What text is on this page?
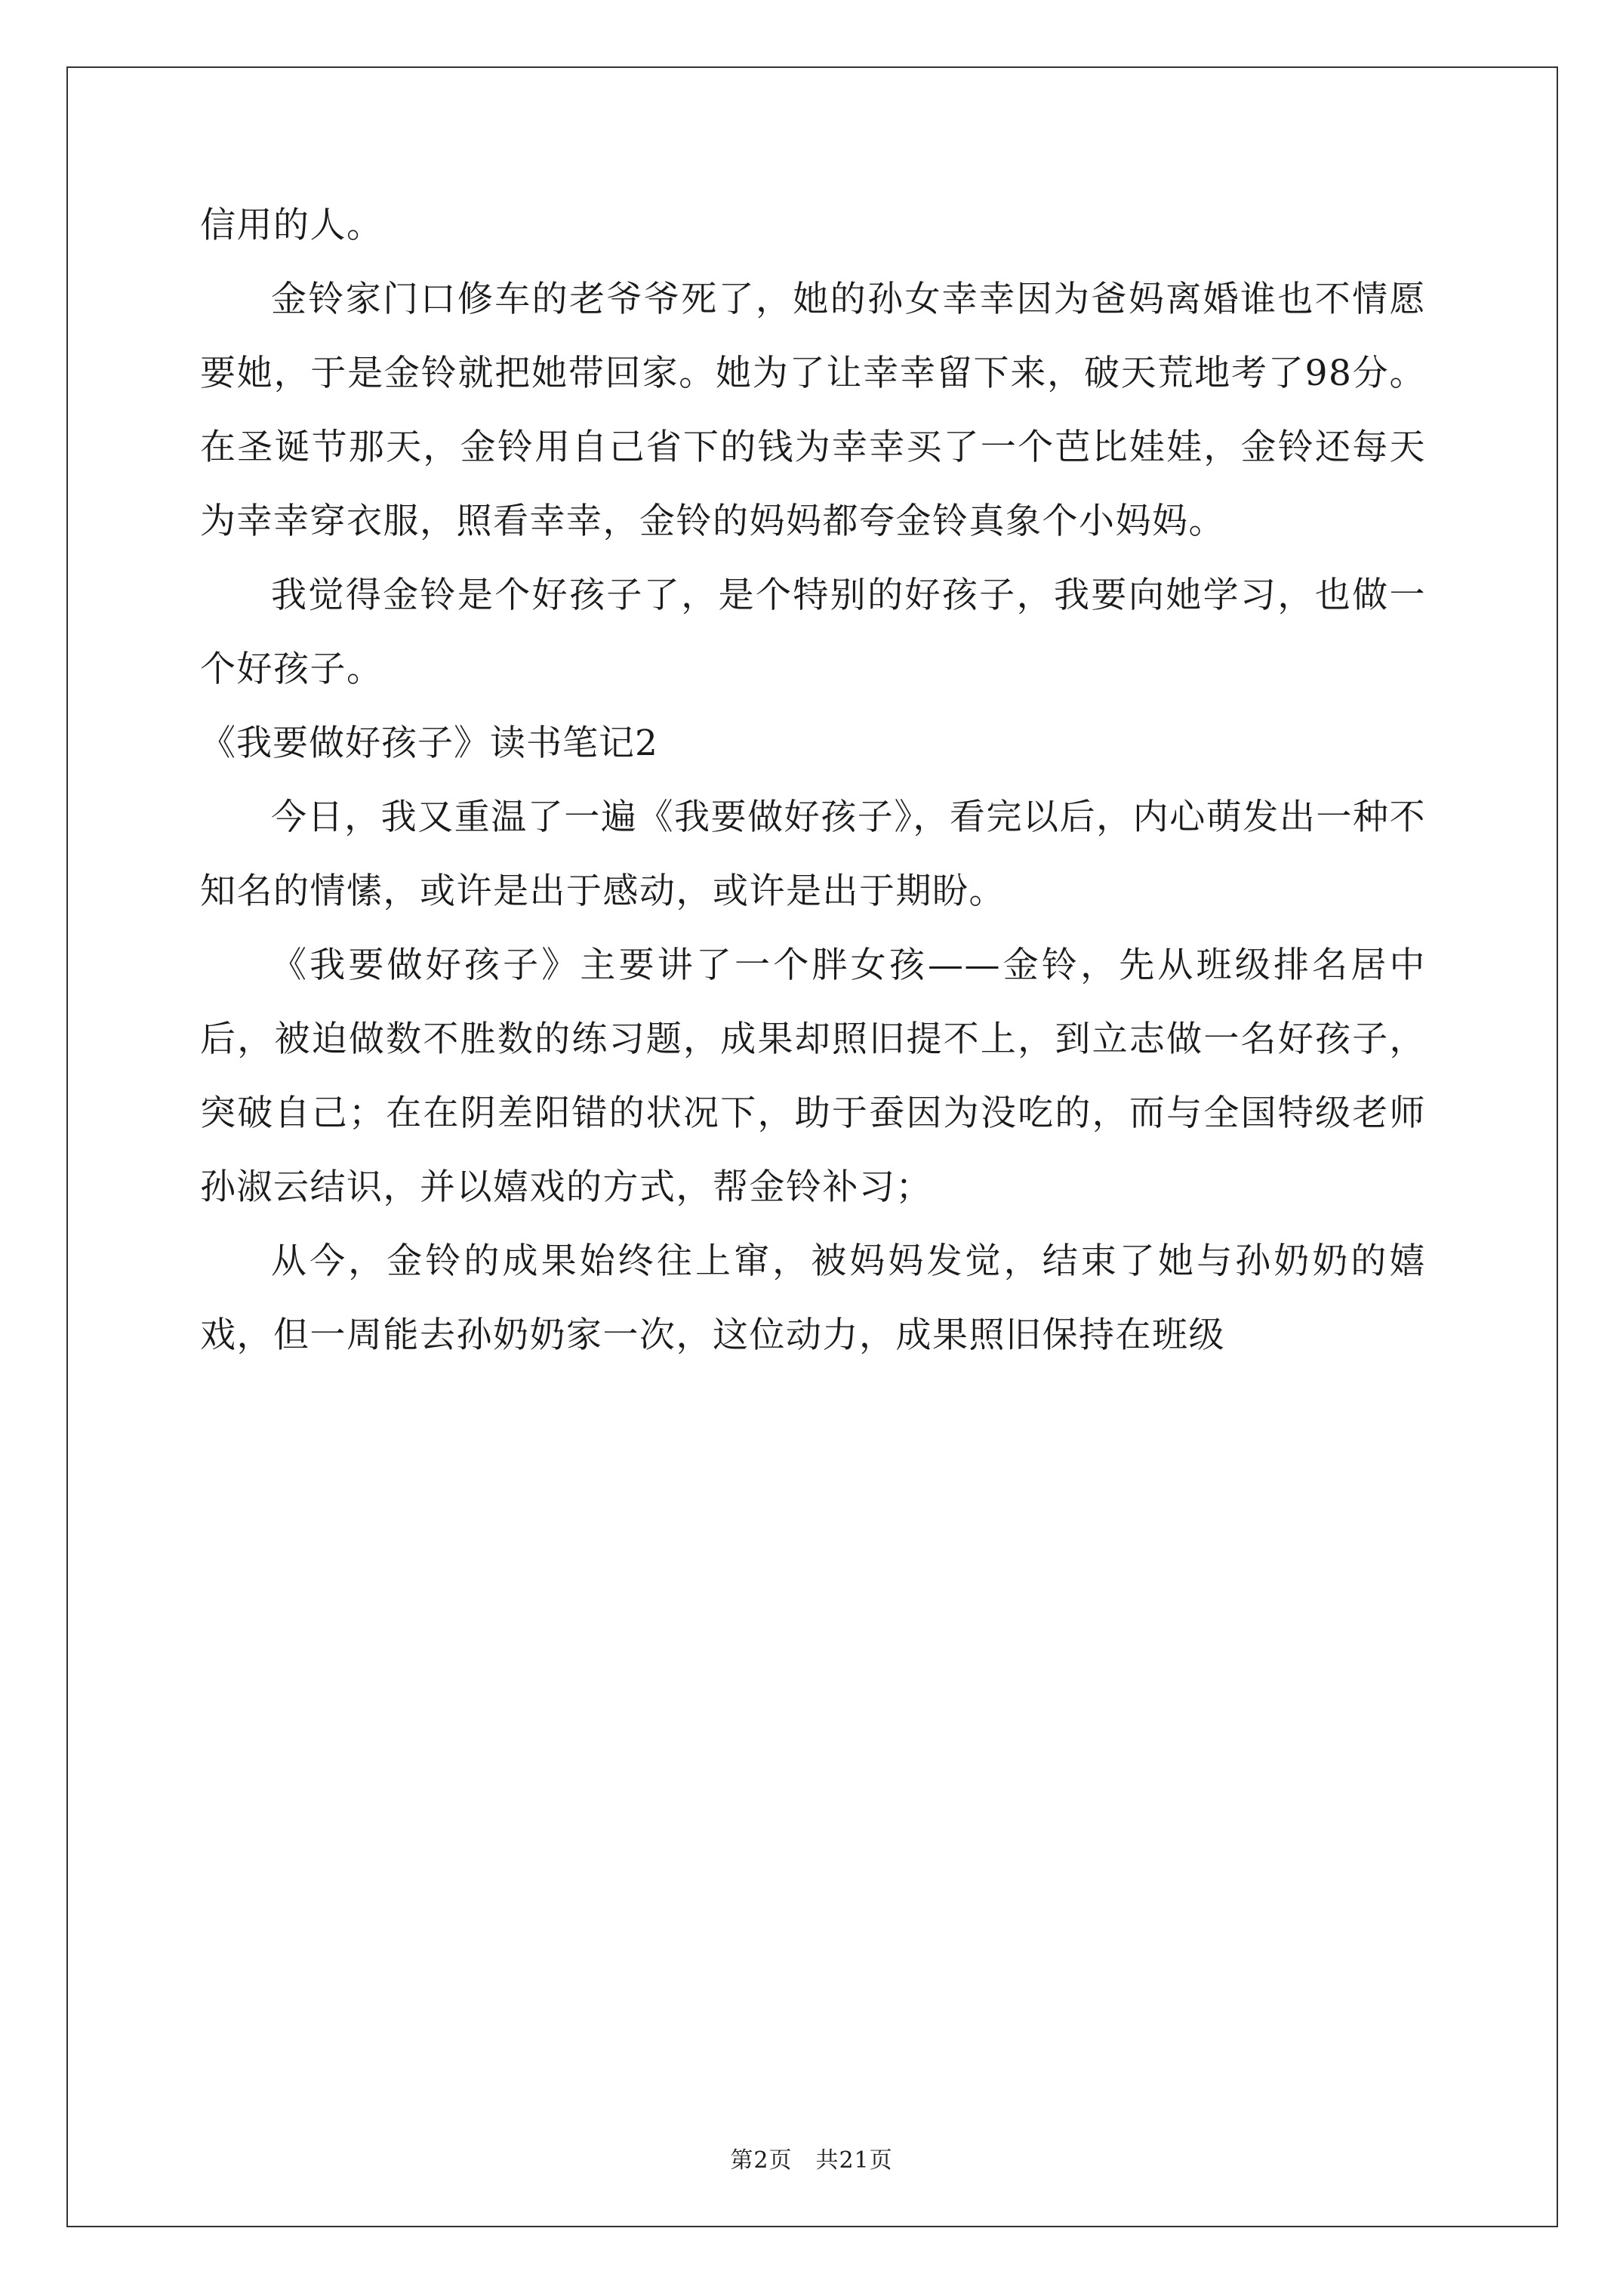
信用的人。

金铃家门口修车的老爷爷死了，她的孙女幸幸因为爸妈离婚谁也不情愿要她，于是金铃就把她带回家。她为了让幸幸留下来，破天荒地考了98分。在圣诞节那天，金铃用自己省下的钱为幸幸买了一个芭比娃娃，金铃还每天为幸幸穿衣服，照看幸幸，金铃的妈妈都夸金铃真象个小妈妈。

我觉得金铃是个好孩子了，是个特别的好孩子，我要向她学习，也做一个好孩子。

《我要做好孩子》读书笔记2

今日，我又重温了一遍《我要做好孩子》，看完以后，内心萌发出一种不知名的情愫，或许是出于感动，或许是出于期盼。

《我要做好孩子》主要讲了一个胖女孩——金铃，先从班级排名居中后，被迫做数不胜数的练习题，成果却照旧提不上，到立志做一名好孩子，突破自己；在在阴差阳错的状况下，助于蚕因为没吃的，而与全国特级老师孙淑云结识，并以嬉戏的方式，帮金铃补习；

从今，金铃的成果始终往上窜，被妈妈发觉，结束了她与孙奶奶的嬉戏，但一周能去孙奶奶家一次，这位动力，成果照旧保持在班级

第2页　共21页
